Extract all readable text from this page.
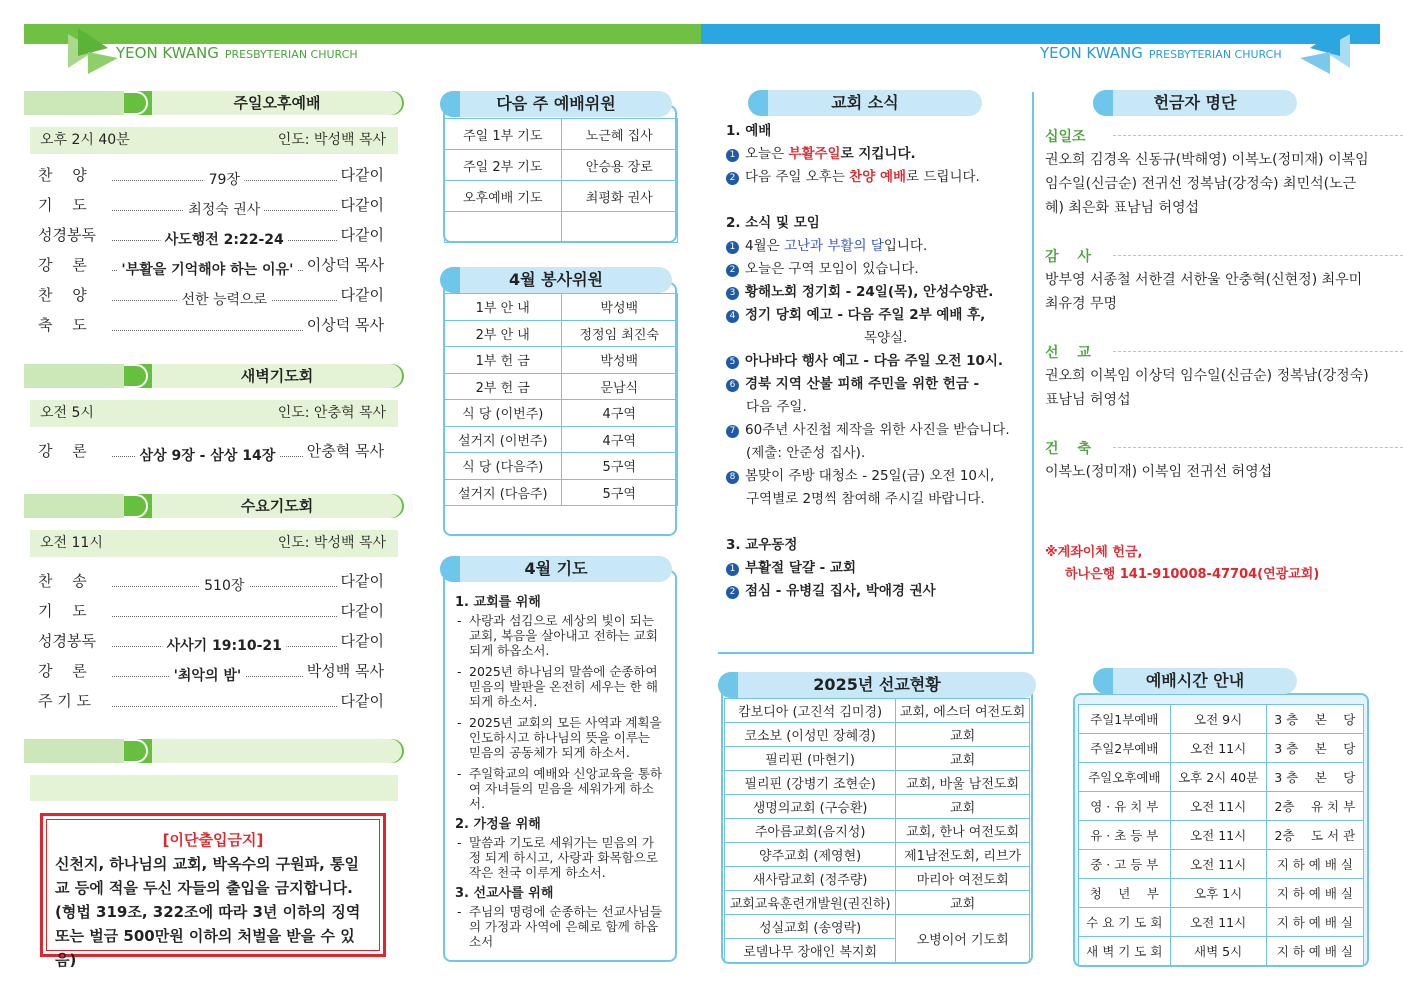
YEON KWANG PRESBYTERIAN CHURCH	YEON KWANG PRESBYTERIAN CHURCH
주일오후예배
오후 2시 40분	인도: 박성백 목사
찬　 양	79장	다같이
기　 도	최정숙 권사	다같이
성경봉독	사도행전 2:22-24	다같이
강　 론	'부활을 기억해야 하는 이유' 이상덕 목사
찬　 양	선한 능력으로	다같이
축　 도	이상덕 목사
새벽기도회
오전 5시	인도: 안충혁 목사
강　 론	삼상 9장 - 삼상 14장 안충혁 목사
수요기도회
오전 11시	인도: 박성백 목사
찬　 송	510장	다같이
기　 도	다같이
성경봉독	사사기 19:10-21	다같이
강　 론	'최악의 밤'	박성백 목사
주 기 도	다같이
[이단출입금지]
신천지, 하나님의 교회, 박옥수의 구원파, 통일교 등에 적을 두신 자들의 출입을 금지합니다. (형법 319조, 322조에 따라 3년 이하의 징역 또는 벌금 500만원 이하의 처벌을 받을 수 있음)
다음 주 예배위원
주일 1부 기도	노근혜 집사
주일 2부 기도	안승용 장로
오후예배 기도	최평화 권사

4월 봉사위원
1부 안 내	박성백
2부 안 내	정정임 최진숙
1부 헌 금	박성백
2부 헌 금	문남식
식 당 (이번주)	4구역
설거지 (이번주)	4구역
식 당 (다음주)	5구역
설거지 (다음주)	5구역
4월 기도
1. 교회를 위해
- 사랑과 섬김으로 세상의 빛이 되는 교회, 복음을 살아내고 전하는 교회 되게 하옵소서.
- 2025년 하나님의 말씀에 순종하여 믿음의 발판을 온전히 세우는 한 해 되게 하소서.
- 2025년 교회의 모든 사역과 계획을 인도하시고 하나님의 뜻을 이루는 믿음의 공동체가 되게 하소서.
- 주일학교의 예배와 신앙교육을 통하여 자녀들의 믿음을 세워가게 하소서.
2. 가정을 위해
- 말씀과 기도로 세워가는 믿음의 가정 되게 하시고, 사랑과 화목함으로 작은 천국 이루게 하소서.
3. 선교사를 위해
- 주님의 명령에 순종하는 선교사님들의 가정과 사역에 은혜로 함께 하옵소서
교회 소식
1. 예배
1 오늘은 부활주일로 지킵니다.
2 다음 주일 오후는 찬양 예배로 드립니다.
2. 소식 및 모임
1 4월은 고난과 부활의 달입니다.
2 오늘은 구역 모임이 있습니다.
3 황해노회 정기회 - 24일(목), 안성수양관.
4 정기 당회 예고 - 다음 주일 2부 예배 후,
목양실.
5 아나바다 행사 예고 - 다음 주일 오전 10시.
6 경북 지역 산불 피해 주민을 위한 헌금 -
다음 주일.
7 60주년 사진첩 제작을 위한 사진을 받습니다.
(제출: 안준성 집사).
8 봄맞이 주방 대청소 - 25일(금) 오전 10시,
구역별로 2명씩 참여해 주시길 바랍니다.
3. 교우동정
1 부활절 달걀 - 교회
2 점심 - 유병길 집사, 박애경 권사
2025년 선교현황
캄보디아 (고진석 김미경)	교회, 에스더 여전도회
코소보 (이성민 장혜경)	교회
필리핀 (마현기)	교회
필리핀 (강병기 조현순)	교회, 바울 남전도회
생명의교회 (구승환)	교회
주아름교회(음지성)	교회, 한나 여전도회
양주교회 (제영현)	제1남전도회, 리브가
새사람교회 (정주량)	마리아 여전도회
교회교육훈련개발원(권진하)	교회
성실교회 (송영락)	오병이어 기도회
로뎀나무 장애인 복지회	
헌금자 명단
십일조
권오희 김경옥 신동규(박해영) 이복노(정미재) 이복임 임수일(신금순) 전귀선 정복남(강정숙) 최민석(노근혜) 최은화 표남님 허영섭
감　 사
방부영 서종철 서한결 서한울 안충혁(신현정) 최우미 최유경 무명
선　 교
권오희 이복임 이상덕 임수일(신금순) 정복남(강정숙) 표남님 허영섭
건　 축
이복노(정미재) 이복임 전귀선 허영섭
※계좌이체 헌금,
하나은행 141-910008-47704(연광교회)
예배시간 안내
주일1부예배	오전 9시	3 층　 본　 당
주일2부예배	오전 11시	3 층　 본　 당
주일오후예배	오후 2시 40분	3 층　 본　 당
영 · 유 치 부	오전 11시	2층　 유 치 부
유 · 초 등 부	오전 11시	2층　 도 서 관
중 · 고 등 부	오전 11시	지 하 예 배 실
청　 년　 부	오후 1시	지 하 예 배 실
수 요 기 도 회	오전 11시	지 하 예 배 실
새 벽 기 도 회	새벽 5시	지 하 예 배 실
